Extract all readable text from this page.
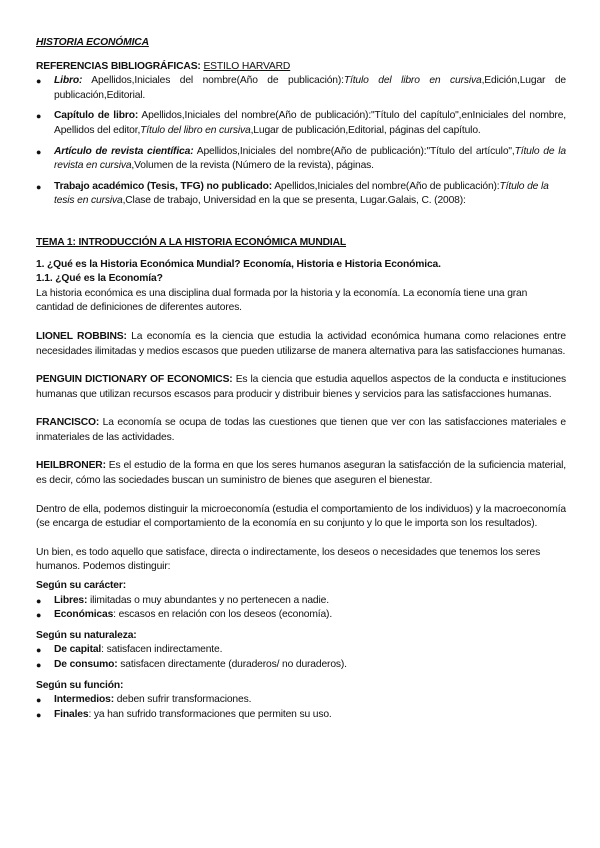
HISTORIA ECONÓMICA

REFERENCIAS BIBLIOGRÁFICAS: ESTILO HARVARD

● Libro: Apellidos,Iniciales del nombre(Año de publicación):Título del libro en cursiva,Edición,Lugar de publicación,Editorial.
● Capítulo de libro: Apellidos,Iniciales del nombre(Año de publicación):"Título del capítulo",enIniciales del nombre, Apellidos del editor,Título del libro en cursiva,Lugar de publicación,Editorial, páginas del capítulo.
● Artículo de revista científica: Apellidos,Iniciales del nombre(Año de publicación):"Título del artículo",Título de la revista en cursiva,Volumen de la revista (Número de la revista), páginas.
● Trabajo académico (Tesis, TFG) no publicado: Apellidos,Iniciales del nombre(Año de publicación):Título de la tesis en cursiva,Clase de trabajo, Universidad en la que se presenta, Lugar.Galais, C. (2008):

TEMA 1: INTRODUCCIÓN A LA HISTORIA ECONÓMICA MUNDIAL

1. ¿Qué es la Historia Económica Mundial? Economía, Historia e Historia Económica.

1.1. ¿Qué es la Economía?

La historia económica es una disciplina dual formada por la historia y la economía. La economía tiene una gran cantidad de definiciones de diferentes autores.

LIONEL ROBBINS: La economía es la ciencia que estudia la actividad económica humana como relaciones entre necesidades ilimitadas y medios escasos que pueden utilizarse de manera alternativa para las satisfacciones humanas.

PENGUIN DICTIONARY OF ECONOMICS: Es la ciencia que estudia aquellos aspectos de la conducta e instituciones humanas que utilizan recursos escasos para producir y distribuir bienes y servicios para las satisfacciones humanas.

FRANCISCO: La economía se ocupa de todas las cuestiones que tienen que ver con las satisfacciones materiales e inmateriales de las actividades.

HEILBRONER: Es el estudio de la forma en que los seres humanos aseguran la satisfacción de la suficiencia material, es decir, cómo las sociedades buscan un suministro de bienes que aseguren el bienestar.

Dentro de ella, podemos distinguir la microeconomía (estudia el comportamiento de los individuos) y la macroeconomía (se encarga de estudiar el comportamiento de la economía en su conjunto y lo que le importa son los resultados).

Un bien, es todo aquello que satisface, directa o indirectamente, los deseos o necesidades que tenemos los seres humanos. Podemos distinguir:

Según su carácter:

● Libres: ilimitadas o muy abundantes y no pertenecen a nadie.
● Económicas: escasos en relación con los deseos (economía).

Según su naturaleza:

● De capital: satisfacen indirectamente.
● De consumo: satisfacen directamente (duraderos/ no duraderos).

Según su función:

● Intermedios: deben sufrir transformaciones.
● Finales: ya han sufrido transformaciones que permiten su uso.
